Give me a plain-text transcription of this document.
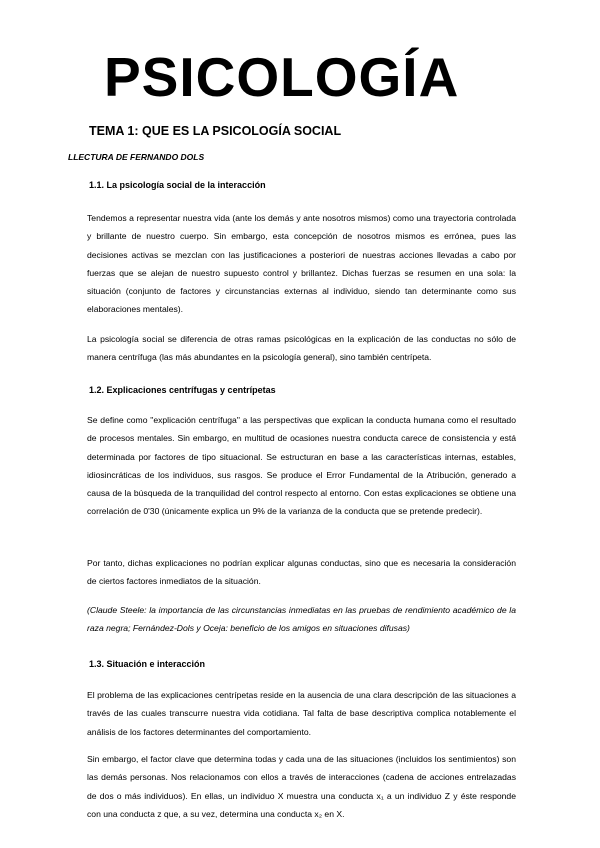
PSICOLOGÍA
TEMA 1: QUE ES LA PSICOLOGÍA SOCIAL

LLECTURA DE FERNANDO DOLS

1.1. La psicología social de la interacción

Tendemos a representar nuestra vida (ante los demás y ante nosotros mismos) como una trayectoria controlada y brillante de nuestro cuerpo. Sin embargo, esta concepción de nosotros mismos es errónea, pues las decisiones activas se mezclan con las justificaciones a posteriori de nuestras acciones llevadas a cabo por fuerzas que se alejan de nuestro supuesto control y brillantez. Dichas fuerzas se resumen en una sola: la situación (conjunto de factores y circunstancias externas al individuo, siendo tan determinante como sus elaboraciones mentales).

La psicología social se diferencia de otras ramas psicológicas en la explicación de las conductas no sólo de manera centrífuga (las más abundantes en la psicología general), sino también centrípeta.

1.2. Explicaciones centrífugas y centrípetas

Se define como "explicación centrífuga" a las perspectivas que explican la conducta humana como el resultado de procesos mentales. Sin embargo, en multitud de ocasiones nuestra conducta carece de consistencia y está determinada por factores de tipo situacional. Se estructuran en base a las características internas, estables, idiosincráticas de los individuos, sus rasgos. Se produce el Error Fundamental de la Atribución, generado a causa de la búsqueda de la tranquilidad del control respecto al entorno. Con estas explicaciones se obtiene una correlación de 0'30 (únicamente explica un 9% de la varianza de la conducta que se pretende predecir).

Por tanto, dichas explicaciones no podrían explicar algunas conductas, sino que es necesaria la consideración de ciertos factores inmediatos de la situación.

(Claude Steele: la importancia de las circunstancias inmediatas en las pruebas de rendimiento académico de la raza negra; Fernández-Dols y Oceja: beneficio de los amigos en situaciones difusas)

1.3. Situación e interacción

El problema de las explicaciones centrípetas reside en la ausencia de una clara descripción de las situaciones a través de las cuales transcurre nuestra vida cotidiana. Tal falta de base descriptiva complica notablemente el análisis de los factores determinantes del comportamiento.

Sin embargo, el factor clave que determina todas y cada una de las situaciones (incluidos los sentimientos) son las demás personas. Nos relacionamos con ellos a través de interacciones (cadena de acciones entrelazadas de dos o más individuos). En ellas, un individuo X muestra una conducta x₁ a un individuo Z y éste responde con una conducta z que, a su vez, determina una conducta x₂ en X.
